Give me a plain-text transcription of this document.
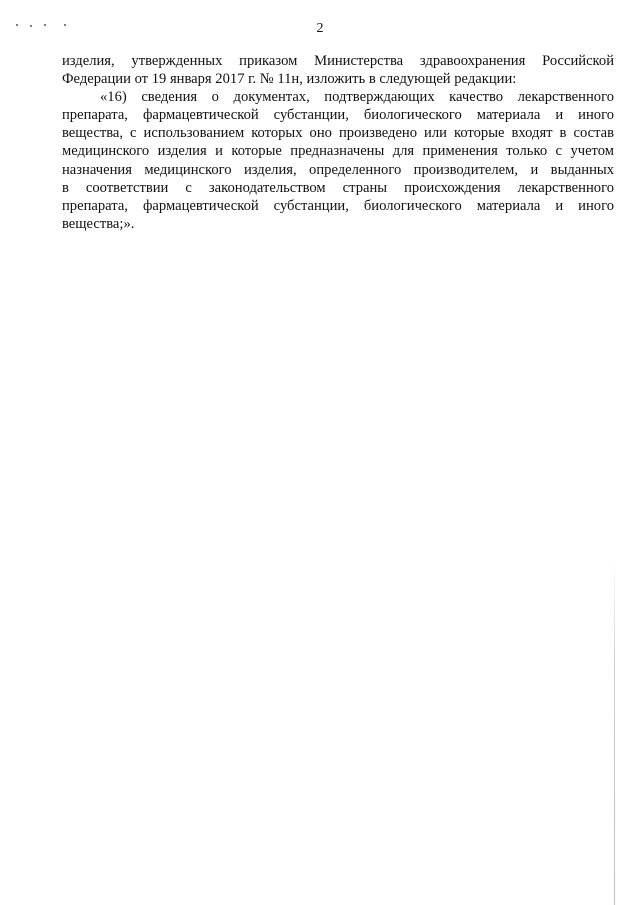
2
изделия, утвержденных приказом Министерства здравоохранения Российской
Федерации от 19 января 2017 г. № 11н, изложить в следующей редакции:
«16) сведения о документах, подтверждающих качество лекарственного
препарата, фармацевтической субстанции, биологического материала и иного
вещества, с использованием которых оно произведено или которые входят в состав
медицинского изделия и которые предназначены для применения только с учетом
назначения медицинского изделия, определенного производителем, и выданных
в соответствии с законодательством страны происхождения лекарственного
препарата, фармацевтической субстанции, биологического материала и иного
вещества;».
